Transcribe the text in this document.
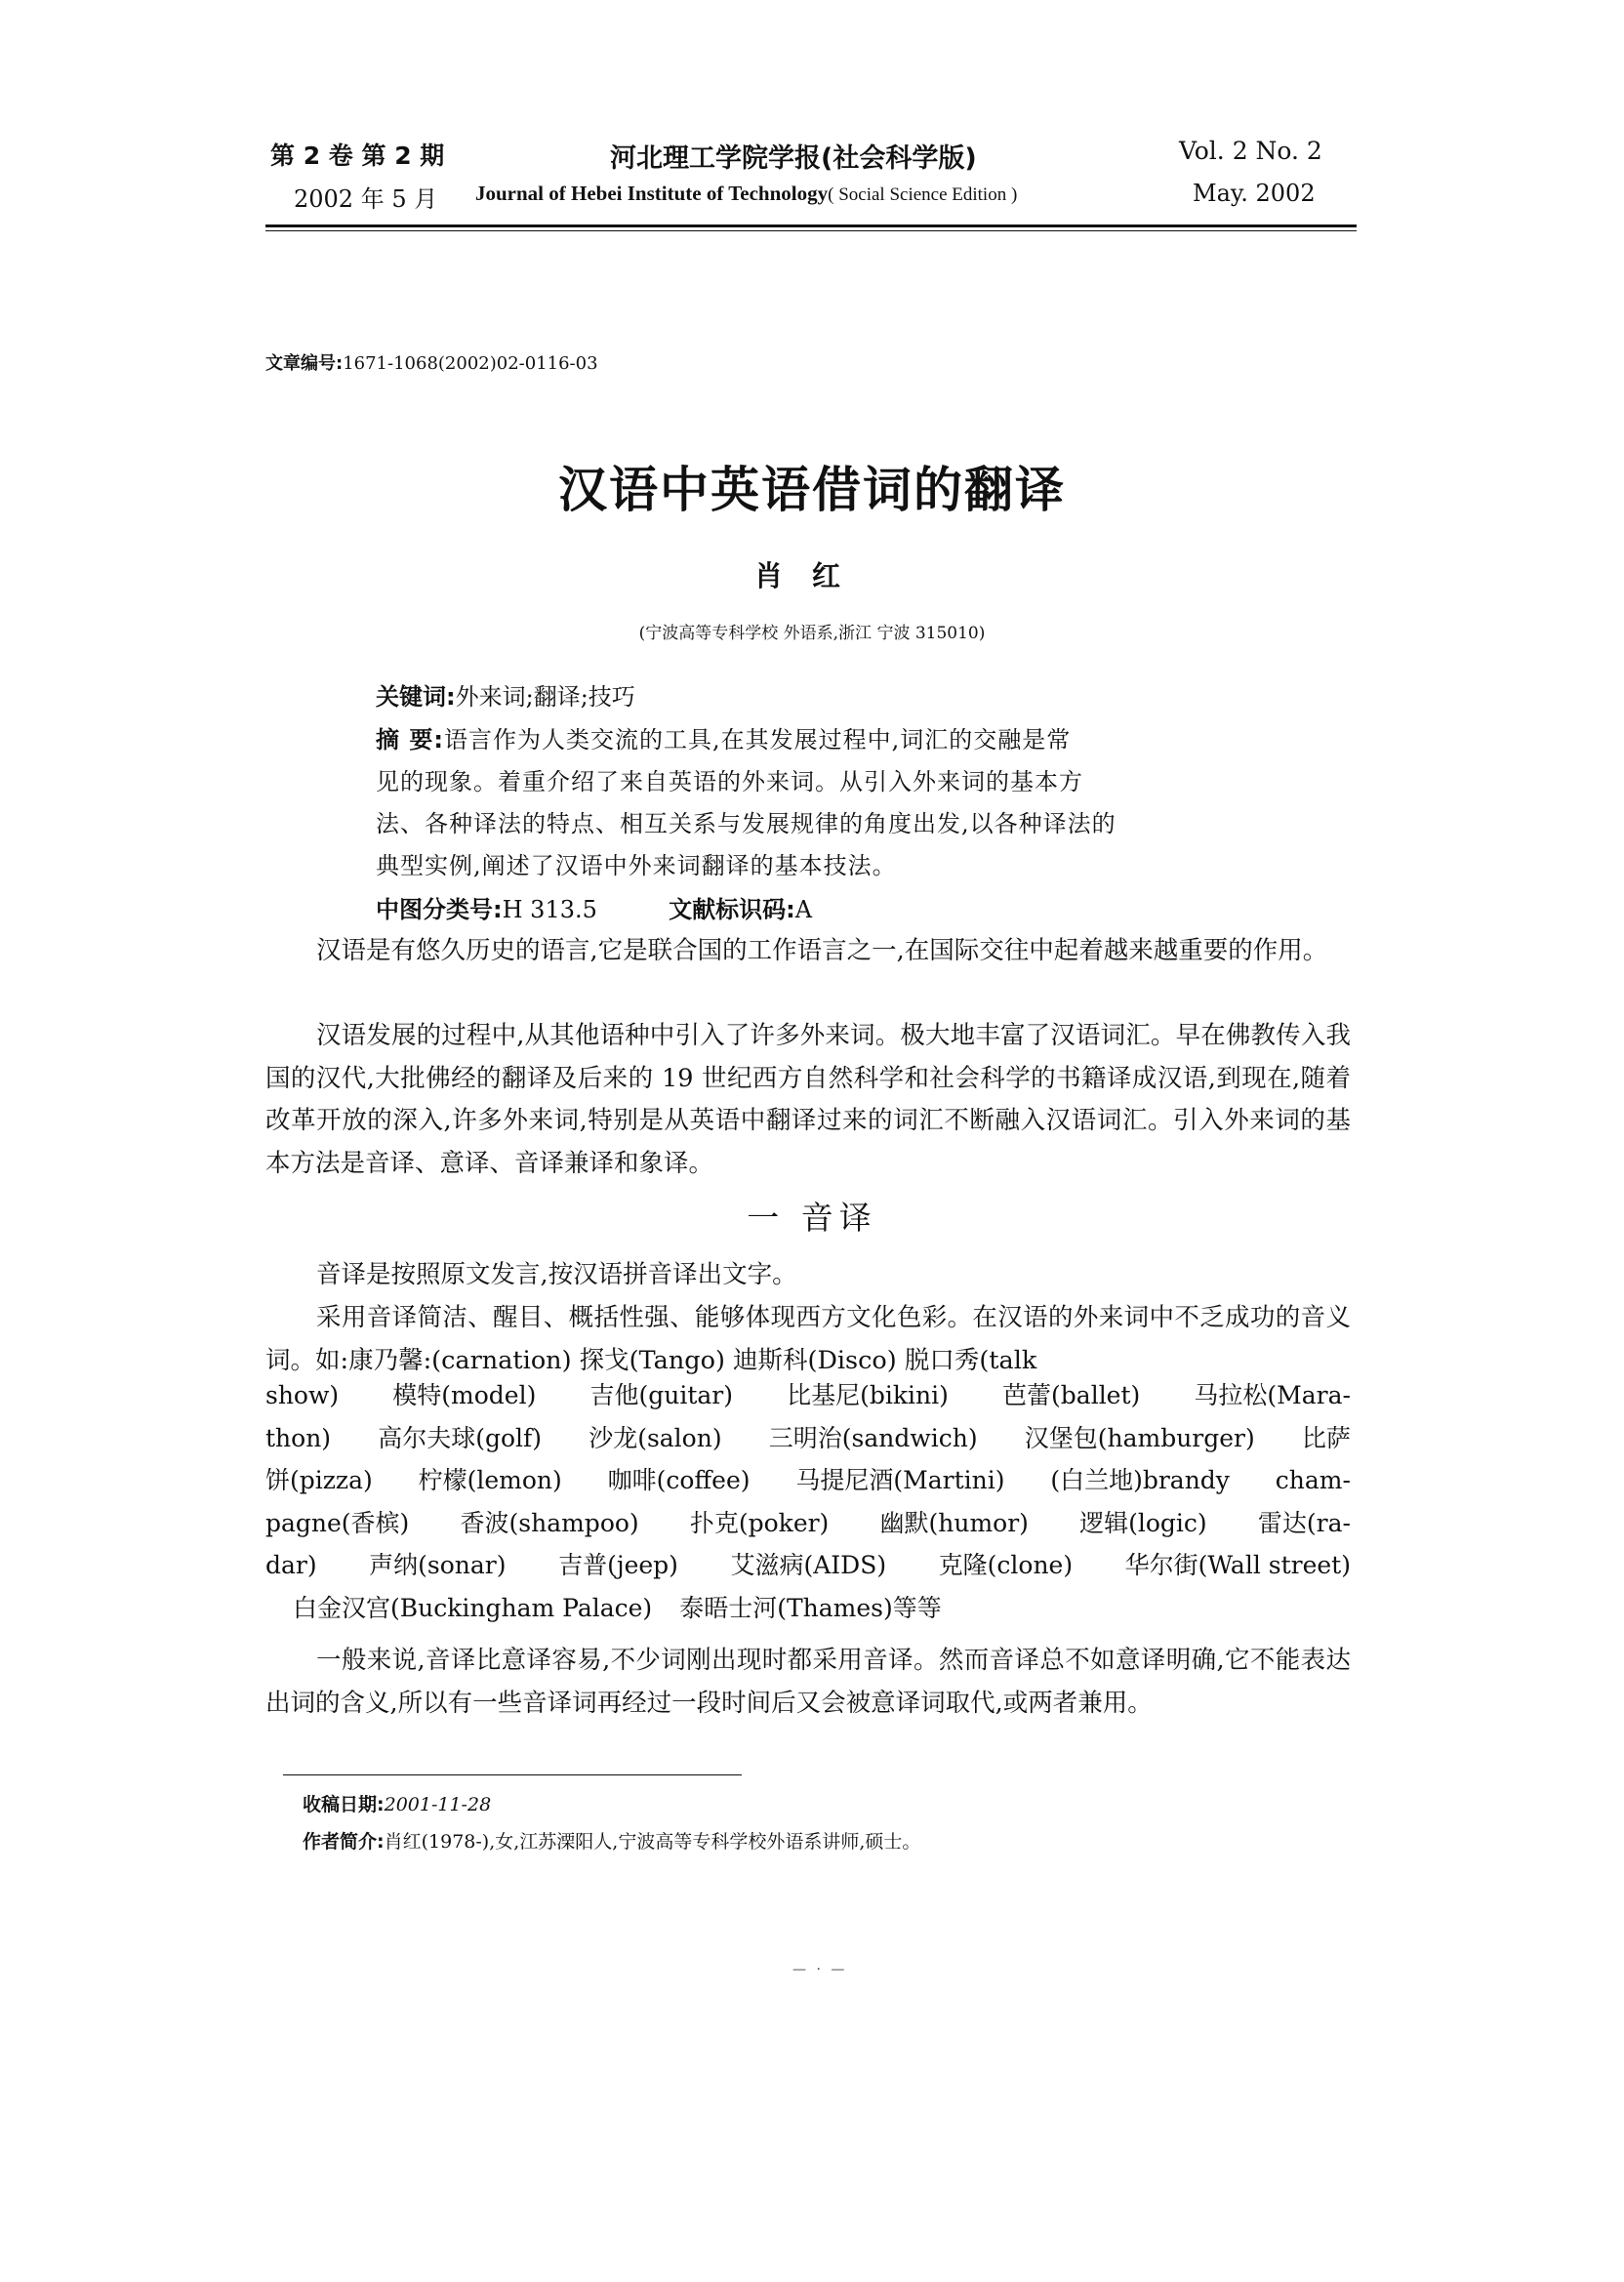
第 2 卷 第 2 期	河北理工学院学报(社会科学版)	Vol. 2 No. 2
2002 年 5 月 Journal of Hebei Institute of Technology( Social Science Edition )	May. 2002
文章编号:1671-1068(2002)02-0116-03
汉语中英语借词的翻译
肖红
(宁波高等专科学校 外语系,浙江 宁波 315010)
关键词:外来词;翻译;技巧
摘 要:语言作为人类交流的工具,在其发展过程中,词汇的交融是常
见的现象。着重介绍了来自英语的外来词。从引入外来词的基本方
法、各种译法的特点、相互关系与发展规律的角度出发,以各种译法的
典型实例,阐述了汉语中外来词翻译的基本技法。
中图分类号:H 313.5	文献标识码:A

汉语是有悠久历史的语言,它是联合国的工作语言之一,在国际交往中起着越来越重要的作用。

汉语发展的过程中,从其他语种中引入了许多外来词。极大地丰富了汉语词汇。早在佛教传入我国的汉代,大批佛经的翻译及后来的 19 世纪西方自然科学和社会科学的书籍译成汉语,到现在,随着改革开放的深入,许多外来词,特别是从英语中翻译过来的词汇不断融入汉语词汇。引入外来词的基本方法是音译、意译、音译兼译和象译。

一 音译

音译是按照原文发言,按汉语拼音译出文字。

采用音译简洁、醒目、概括性强、能够体现西方文化色彩。在汉语的外来词中不乏成功的音义词。如:康乃馨:(carnation) 探戈(Tango) 迪斯科(Disco) 脱口秀(talk

show) 模特(model) 吉他(guitar) 比基尼(bikini) 芭蕾(ballet) 马拉松(Mara-
thon) 高尔夫球(golf) 沙龙(salon) 三明治(sandwich) 汉堡包(hamburger) 比萨
饼(pizza) 柠檬(lemon) 咖啡(coffee) 马提尼酒(Martini) (白兰地)brandy cham-
pagne(香槟) 香波(shampoo) 扑克(poker) 幽默(humor) 逻辑(logic) 雷达(ra-
dar) 声纳(sonar) 吉普(jeep) 艾滋病(AIDS) 克隆(clone) 华尔街(Wall street)
白金汉宫(Buckingham Palace) 泰晤士河(Thames)等等

一般来说,音译比意译容易,不少词刚出现时都采用音译。然而音译总不如意译明确,它不能表达出词的含义,所以有一些音译词再经过一段时间后又会被意译词取代,或两者兼用。

收稿日期:2001-11-28
作者简介:肖红(1978-),女,江苏溧阳人,宁波高等专科学校外语系讲师,硕士。
— · —
